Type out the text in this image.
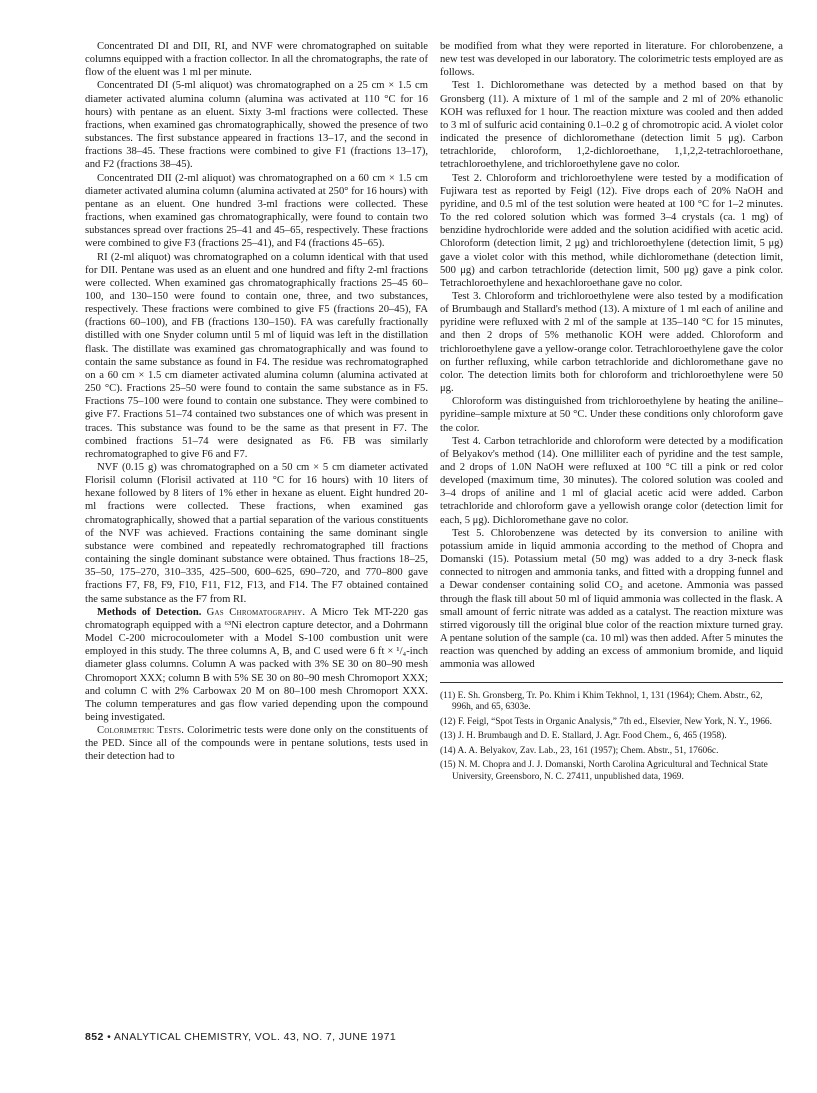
Concentrated DI and DII, RI, and NVF were chromatographed on suitable columns equipped with a fraction collector. In all the chromatographs, the rate of flow of the eluent was 1 ml per minute.

Concentrated DI (5-ml aliquot) was chromatographed on a 25 cm × 1.5 cm diameter activated alumina column (alumina was activated at 110 °C for 16 hours) with pentane as an eluent. Sixty 3-ml fractions were collected. These fractions, when examined gas chromatographically, showed the presence of two substances. The first substance appeared in fractions 13–17, and the second in fractions 38–45. These fractions were combined to give F1 (fractions 13–17), and F2 (fractions 38–45).

Concentrated DII (2-ml aliquot) was chromatographed on a 60 cm × 1.5 cm diameter activated alumina column (alumina activated at 250° for 16 hours) with pentane as an eluent. One hundred 3-ml fractions were collected. These fractions, when examined gas chromatographically, were found to contain two substances spread over fractions 25–41 and 45–65, respectively. These fractions were combined to give F3 (fractions 25–41), and F4 (fractions 45–65).

RI (2-ml aliquot) was chromatographed on a column identical with that used for DII. Pentane was used as an eluent and one hundred and fifty 2-ml fractions were collected. When examined gas chromatographically fractions 25–45 60–100, and 130–150 were found to contain one, three, and two substances, respectively. These fractions were combined to give F5 (fractions 20–45), FA (fractions 60–100), and FB (fractions 130–150). FA was carefully fractionally distilled with one Snyder column until 5 ml of liquid was left in the distillation flask. The distillate was examined gas chromatographically and was found to contain the same substance as found in F4. The residue was rechromatographed on a 60 cm × 1.5 cm diameter activated alumina column (alumina activated at 250 °C). Fractions 25–50 were found to contain the same substance as in F5. Fractions 75–100 were found to contain one substance. They were combined to give F7. Fractions 51–74 contained two substances one of which was present in traces. This substance was found to be the same as that present in F7. The combined fractions 51–74 were designated as F6. FB was similarly rechromatographed to give F6 and F7.

NVF (0.15 g) was chromatographed on a 50 cm × 5 cm diameter activated Florisil column (Florisil activated at 110 °C for 16 hours) with 10 liters of hexane followed by 8 liters of 1% ether in hexane as eluent. Eight hundred 20-ml fractions were collected. These fractions, when examined gas chromatographically, showed that a partial separation of the various constituents of the NVF was achieved. Fractions containing the same dominant single substance were combined and repeatedly rechromatographed till fractions containing the single dominant substance were obtained. Thus fractions 18–25, 35–50, 175–270, 310–335, 425–500, 600–625, 690–720, and 770–800 gave fractions F7, F8, F9, F10, F11, F12, F13, and F14. The F7 obtained contained the same substance as the F7 from RI.

Methods of Detection. Gas Chromatography. A Micro Tek MT-220 gas chromatograph equipped with a ⁶³Ni electron capture detector, and a Dohrmann Model C-200 microcoulometer with a Model S-100 combustion unit were employed in this study. The three columns A, B, and C used were 6 ft × ¹/₄-inch diameter glass columns. Column A was packed with 3% SE 30 on 80–90 mesh Chromoport XXX; column B with 5% SE 30 on 80–90 mesh Chromoport XXX; and column C with 2% Carbowax 20 M on 80–100 mesh Chromoport XXX. The column temperatures and gas flow varied depending upon the compound being investigated.

Colorimetric Tests. Colorimetric tests were done only on the constituents of the PED. Since all of the compounds were in pentane solutions, tests used in their detection had to

be modified from what they were reported in literature. For chlorobenzene, a new test was developed in our laboratory. The colorimetric tests employed are as follows.

Test 1. Dichloromethane was detected by a method based on that by Gronsberg (11). A mixture of 1 ml of the sample and 2 ml of 20% ethanolic KOH was refluxed for 1 hour. The reaction mixture was cooled and then added to 3 ml of sulfuric acid containing 0.1–0.2 g of chromotropic acid. A violet color indicated the presence of dichloromethane (detection limit 5 μg). Carbon tetrachloride, chloroform, 1,2-dichloroethane, 1,1,2,2-tetrachloroethane, tetrachloroethylene, and trichloroethylene gave no color.

Test 2. Chloroform and trichloroethylene were tested by a modification of Fujiwara test as reported by Feigl (12). Five drops each of 20% NaOH and pyridine, and 0.5 ml of the test solution were heated at 100 °C for 1–2 minutes. To the red colored solution which was formed 3–4 crystals (ca. 1 mg) of benzidine hydrochloride were added and the solution acidified with acetic acid. Chloroform (detection limit, 2 μg) and trichloroethylene (detection limit, 5 μg) gave a violet color with this method, while dichloromethane (detection limit, 500 μg) and carbon tetrachloride (detection limit, 500 μg) gave a pink color. Tetrachloroethylene and hexachloroethane gave no color.

Test 3. Chloroform and trichloroethylene were also tested by a modification of Brumbaugh and Stallard's method (13). A mixture of 1 ml each of aniline and pyridine were refluxed with 2 ml of the sample at 135–140 °C for 15 minutes, and then 2 drops of 5% methanolic KOH were added. Chloroform and trichloroethylene gave a yellow-orange color. Tetrachloroethylene gave the color on further refluxing, while carbon tetrachloride and dichloromethane gave no color. The detection limits both for chloroform and trichloroethylene were 50 μg.

Chloroform was distinguished from trichloroethylene by heating the aniline–pyridine–sample mixture at 50 °C. Under these conditions only chloroform gave the color.

Test 4. Carbon tetrachloride and chloroform were detected by a modification of Belyakov's method (14). One milliliter each of pyridine and the test sample, and 2 drops of 1.0N NaOH were refluxed at 100 °C till a pink or red color developed (maximum time, 30 minutes). The colored solution was cooled and 3–4 drops of aniline and 1 ml of glacial acetic acid were added. Carbon tetrachloride and chloroform gave a yellowish orange color (detection limit for each, 5 μg). Dichloromethane gave no color.

Test 5. Chlorobenzene was detected by its conversion to aniline with potassium amide in liquid ammonia according to the method of Chopra and Domanski (15). Potassium metal (50 mg) was added to a dry 3-neck flask connected to nitrogen and ammonia tanks, and fitted with a dropping funnel and a Dewar condenser containing solid CO₂ and acetone. Ammonia was passed through the flask till about 50 ml of liquid ammonia was collected in the flask. A small amount of ferric nitrate was added as a catalyst. The reaction mixture was stirred vigorously till the original blue color of the reaction mixture turned gray. A pentane solution of the sample (ca. 10 ml) was then added. After 5 minutes the reaction was quenched by adding an excess of ammonium bromide, and liquid ammonia was allowed

(11) E. Sh. Gronsberg, Tr. Po. Khim i Khim Tekhnol, 1, 131 (1964); Chem. Abstr., 62, 996h, and 65, 6303e.
(12) F. Feigl, “Spot Tests in Organic Analysis,” 7th ed., Elsevier, New York, N. Y., 1966.
(13) J. H. Brumbaugh and D. E. Stallard, J. Agr. Food Chem., 6, 465 (1958).
(14) A. A. Belyakov, Zav. Lab., 23, 161 (1957); Chem. Abstr., 51, 17606c.
(15) N. M. Chopra and J. J. Domanski, North Carolina Agricultural and Technical State University, Greensboro, N. C. 27411, unpublished data, 1969.
852 • ANALYTICAL CHEMISTRY, VOL. 43, NO. 7, JUNE 1971
